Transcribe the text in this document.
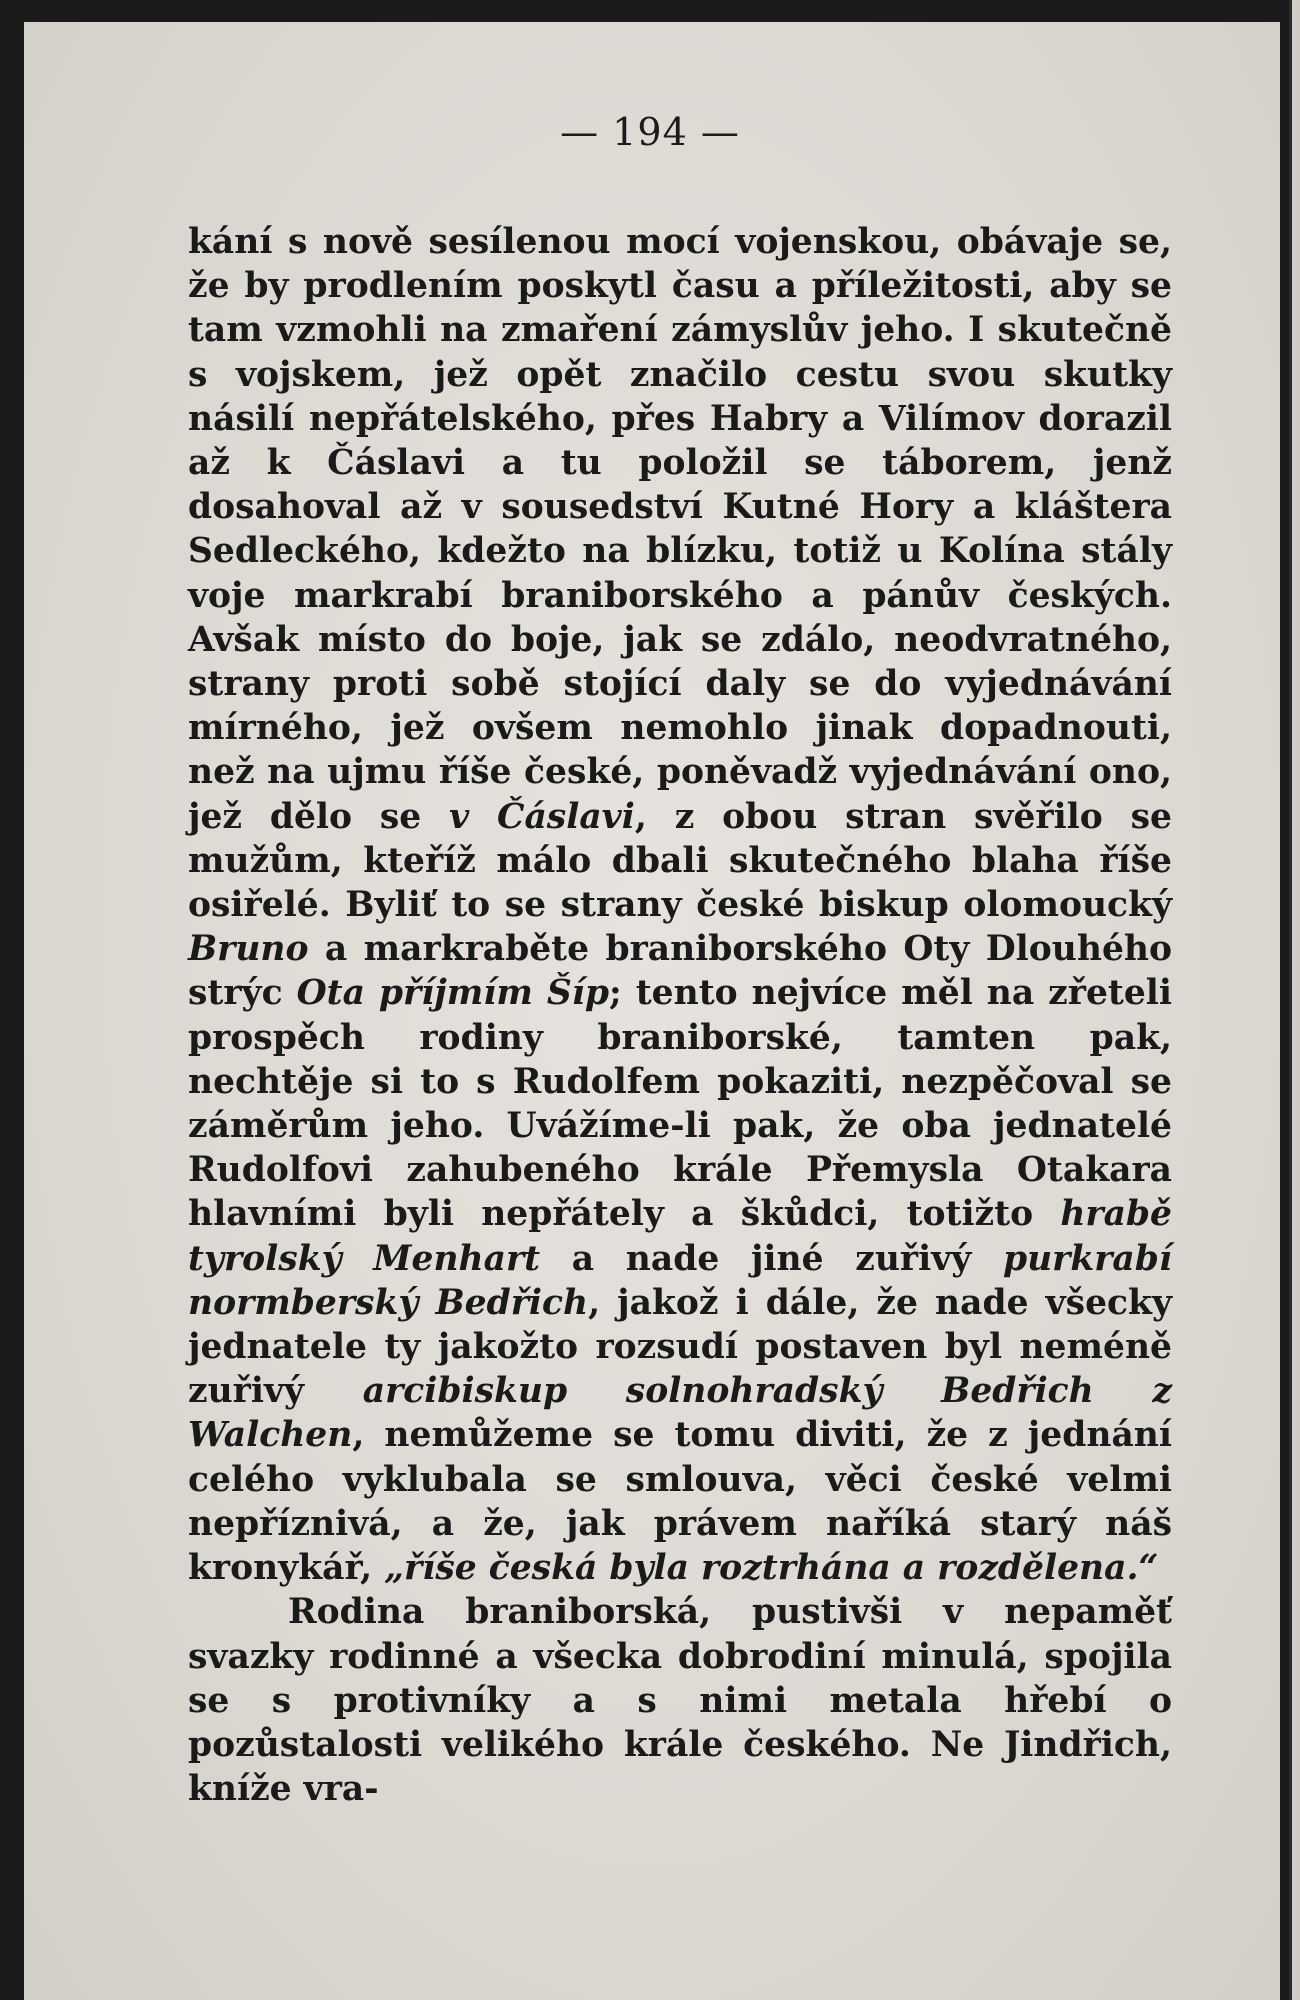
— 194 —

kání s nově sesílenou mocí vojenskou, obávaje se, že by prodlením poskytl času a příležitosti, aby se tam vzmohli na zmaření zámyslův jeho. I skutečně s vojskem, jež opět značilo cestu svou skutky násilí nepřátelského, přes Habry a Vilímov dorazil až k Čáslavi a tu položil se táborem, jenž dosahoval až v sousedství Kutné Hory a kláštera Sedleckého, kdežto na blízku, totiž u Kolína stály voje markrabí braniborského a pánův českých. Avšak místo do boje, jak se zdálo, neodvratného, strany proti sobě stojící daly se do vyjednávání mírného, jež ovšem nemohlo jinak dopadnouti, než na ujmu říše české, poněvadž vyjednávání ono, jež dělo se v Čáslavi, z obou stran svěřilo se mužům, kteříž málo dbali skutečného blaha říše osiřelé. Byliť to se strany české biskup olomoucký Bruno a markraběte braniborského Oty Dlouhého strýc Ota příjmím Šíp; tento nejvíce měl na zřeteli prospěch rodiny braniborské, tamten pak, nechtěje si to s Rudolfem pokaziti, nezpěčoval se záměrům jeho. Uvážíme-li pak, že oba jednatelé Rudolfovi zahubeného krále Přemysla Otakara hlavními byli nepřátely a škůdci, totižto hrabě tyrolský Menhart a nade jiné zuřivý purkrabí normberský Bedřich, jakož i dále, že nade všecky jednatele ty jakožto rozsudí postaven byl neméně zuřivý arcibiskup solnohradský Bedřich z Walchen, nemůžeme se tomu diviti, že z jednání celého vyklubala se smlouva, věci české velmi nepříznivá, a že, jak právem naříká starý náš kronykář, „říše česká byla roztrhána a rozdělena.“

Rodina braniborská, pustivši v nepaměť svazky rodinné a všecka dobrodiní minulá, spojila se s protivníky a s nimi metala hřebí o pozůstalosti velikého krále českého. Ne Jindřich, kníže vra-
